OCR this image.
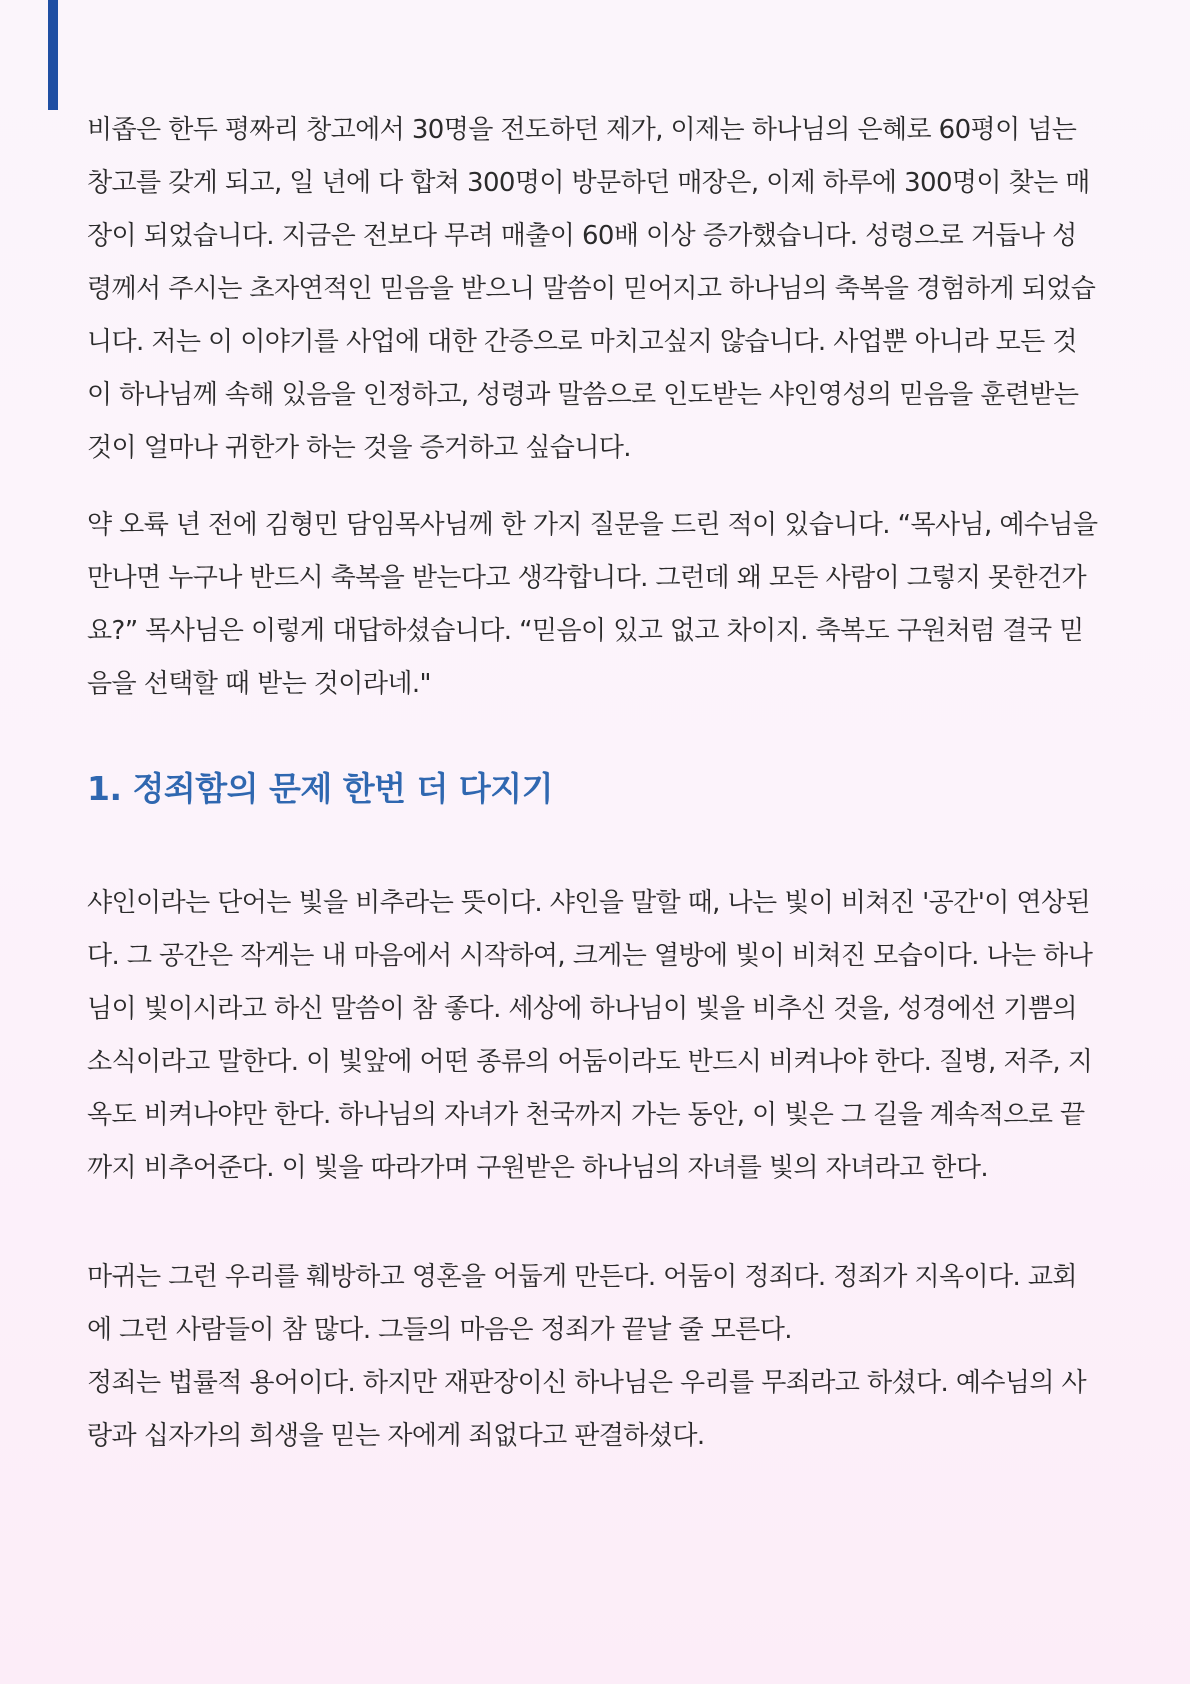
비좁은 한두 평짜리 창고에서 30명을 전도하던 제가, 이제는 하나님의 은혜로 60평이 넘는
창고를 갖게 되고, 일 년에 다 합쳐 300명이 방문하던 매장은, 이제 하루에 300명이 찾는 매
장이 되었습니다. 지금은 전보다 무려 매출이 60배 이상 증가했습니다. 성령으로 거듭나 성
령께서 주시는 초자연적인 믿음을 받으니 말씀이 믿어지고 하나님의 축복을 경험하게 되었습
니다. 저는 이 이야기를 사업에 대한 간증으로 마치고싶지 않습니다. 사업뿐 아니라 모든 것
이 하나님께 속해 있음을 인정하고, 성령과 말씀으로 인도받는 샤인영성의 믿음을 훈련받는
것이 얼마나 귀한가 하는 것을 증거하고 싶습니다.

약 오륙 년 전에 김형민 담임목사님께 한 가지 질문을 드린 적이 있습니다. “목사님, 예수님을
만나면 누구나 반드시 축복을 받는다고 생각합니다. 그런데 왜 모든 사람이 그렇지 못한건가
요?” 목사님은 이렇게 대답하셨습니다. “믿음이 있고 없고 차이지. 축복도 구원처럼 결국 믿
음을 선택할 때 받는 것이라네."

1. 정죄함의 문제 한번 더 다지기

샤인이라는 단어는 빛을 비추라는 뜻이다. 샤인을 말할 때, 나는 빛이 비쳐진 '공간'이 연상된
다. 그 공간은 작게는 내 마음에서 시작하여, 크게는 열방에 빛이 비쳐진 모습이다. 나는 하나
님이 빛이시라고 하신 말씀이 참 좋다. 세상에 하나님이 빛을 비추신 것을, 성경에선 기쁨의
소식이라고 말한다. 이 빛앞에 어떤 종류의 어둠이라도 반드시 비켜나야 한다. 질병, 저주, 지
옥도 비켜나야만 한다. 하나님의 자녀가 천국까지 가는 동안, 이 빛은 그 길을 계속적으로 끝
까지 비추어준다. 이 빛을 따라가며 구원받은 하나님의 자녀를 빛의 자녀라고 한다.

마귀는 그런 우리를 훼방하고 영혼을 어둡게 만든다. 어둠이 정죄다. 정죄가 지옥이다. 교회
에 그런 사람들이 참 많다. 그들의 마음은 정죄가 끝날 줄 모른다.
정죄는 법률적 용어이다. 하지만 재판장이신 하나님은 우리를 무죄라고 하셨다. 예수님의 사
랑과 십자가의 희생을 믿는 자에게 죄없다고 판결하셨다.
